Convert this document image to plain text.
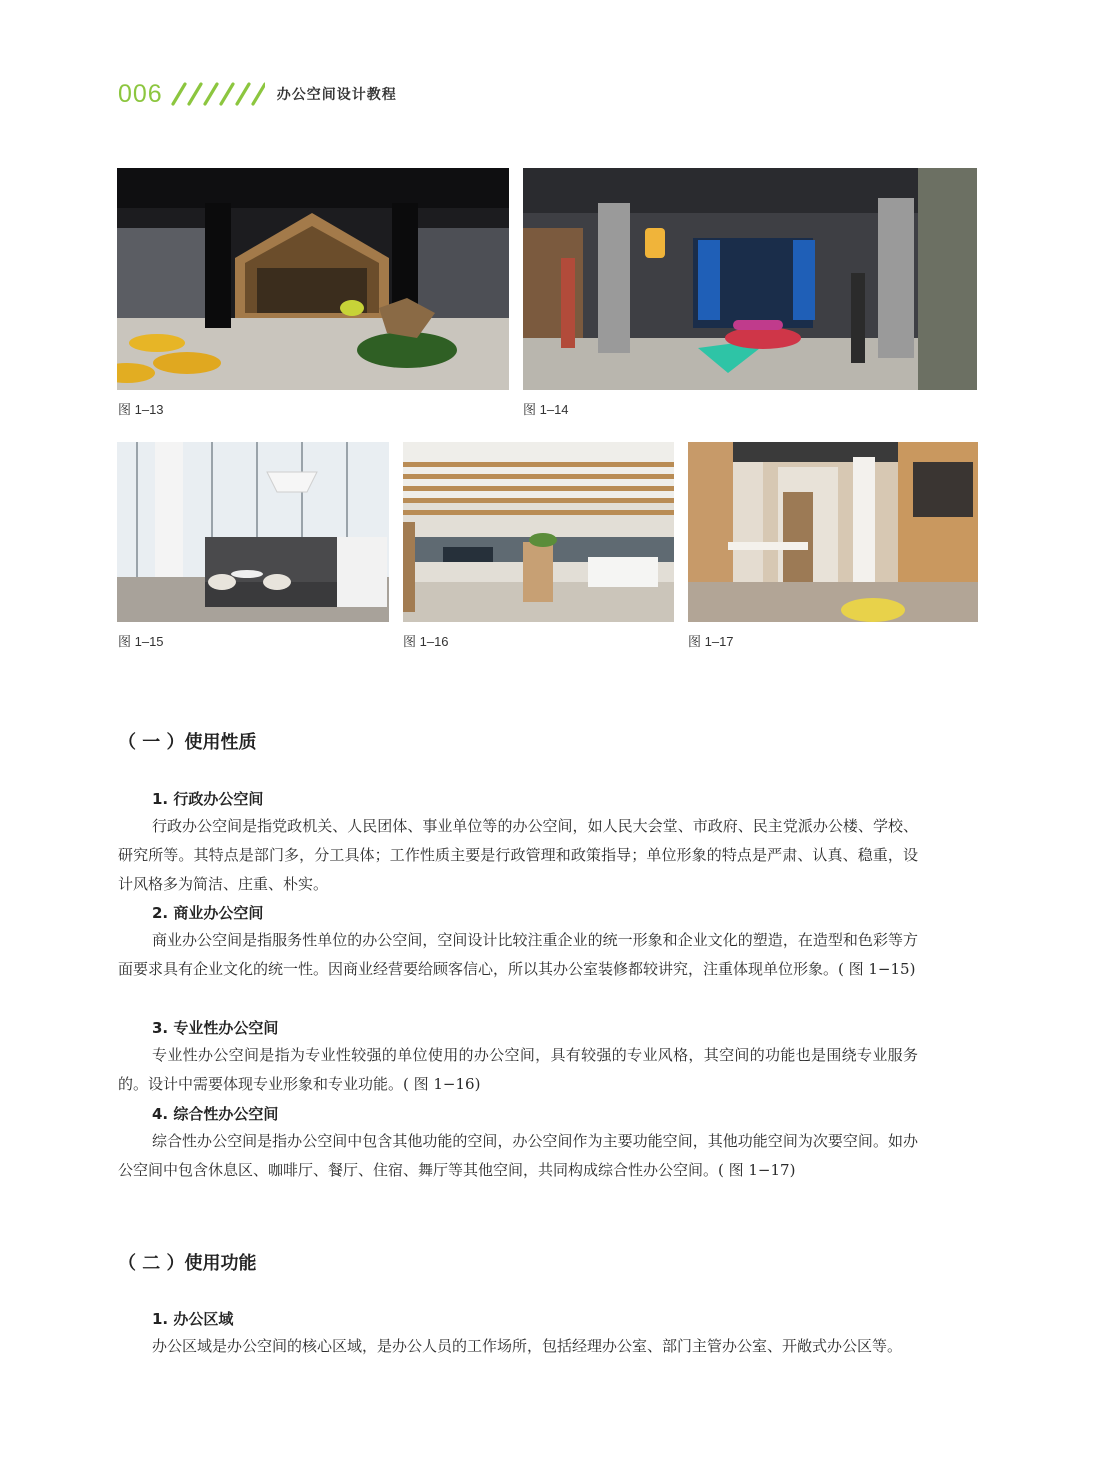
006	办公空间设计教程
图 1–13	图 1–14
图 1–15	图 1–16	图 1–17
（ 一 ）使用性质
1. 行政办公空间
行政办公空间是指党政机关、人民团体、事业单位等的办公空间，如人民大会堂、市政府、民主党派办公楼、学校、研究所等。其特点是部门多，分工具体；工作性质主要是行政管理和政策指导；单位形象的特点是严肃、认真、稳重，设计风格多为简洁、庄重、朴实。
2. 商业办公空间
商业办公空间是指服务性单位的办公空间，空间设计比较注重企业的统一形象和企业文化的塑造，在造型和色彩等方面要求具有企业文化的统一性。因商业经营要给顾客信心，所以其办公室装修都较讲究，注重体现单位形象。( 图 1−15)
3. 专业性办公空间
专业性办公空间是指为专业性较强的单位使用的办公空间，具有较强的专业风格，其空间的功能也是围绕专业服务的。设计中需要体现专业形象和专业功能。( 图 1−16)
4. 综合性办公空间
综合性办公空间是指办公空间中包含其他功能的空间，办公空间作为主要功能空间，其他功能空间为次要空间。如办公空间中包含休息区、咖啡厅、餐厅、住宿、舞厅等其他空间，共同构成综合性办公空间。( 图 1−17)
（ 二 ）使用功能
1. 办公区域
办公区域是办公空间的核心区域，是办公人员的工作场所，包括经理办公室、部门主管办公室、开敞式办公区等。
